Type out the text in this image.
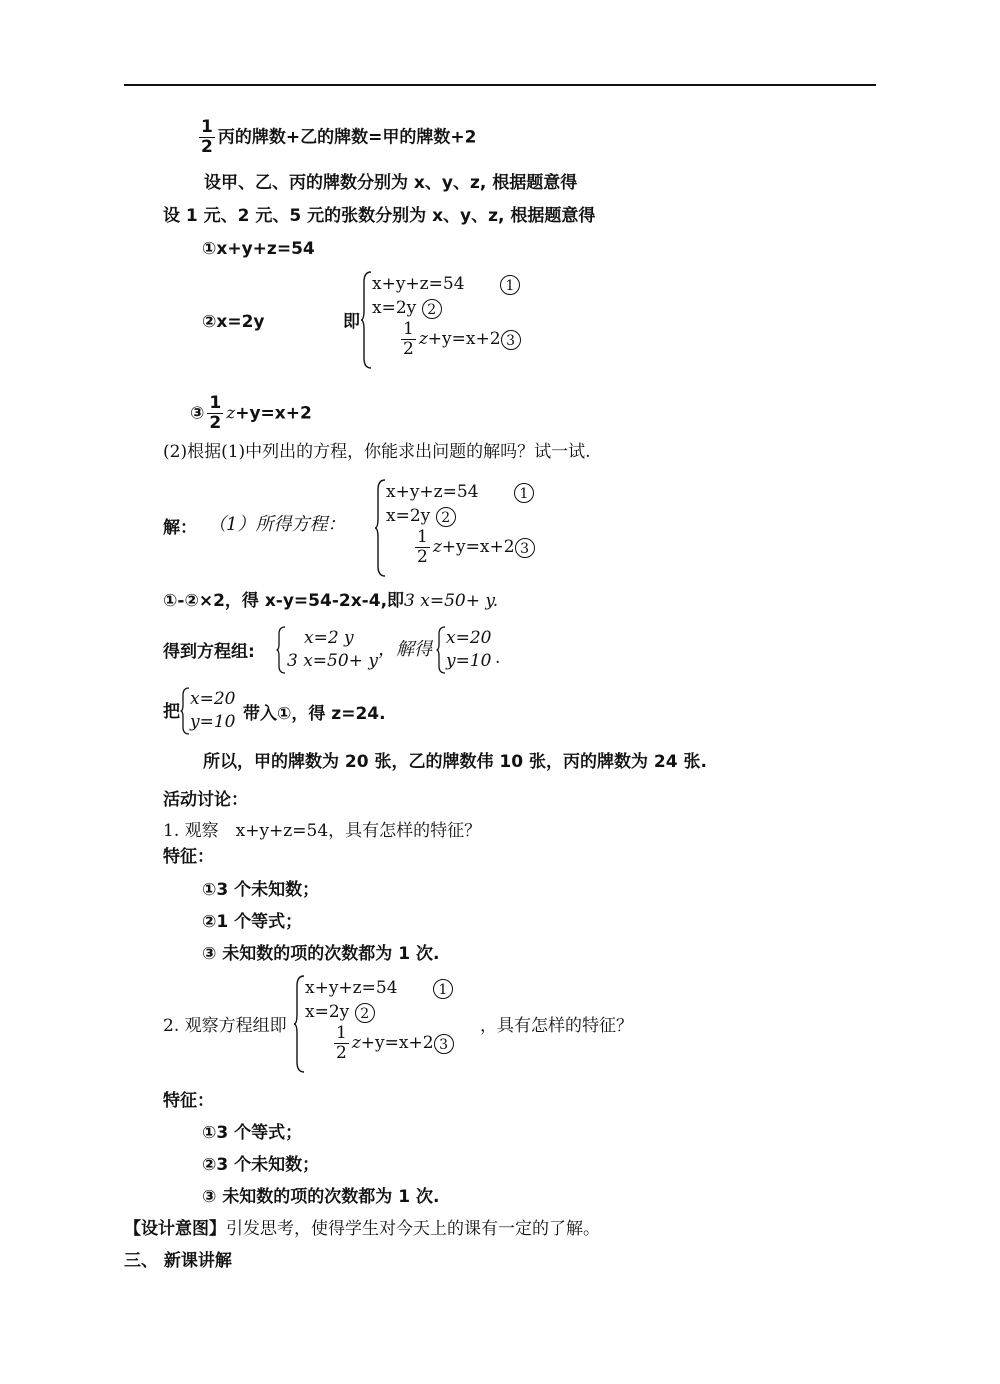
$\frac{1}{2}$ 丙的牌数+乙的牌数=甲的牌数+2
设甲、乙、丙的牌数分别为 x、y、z, 根据题意得
设 1 元、2 元、5 元的张数分别为 x、y、z, 根据题意得
①x+y+z=54
②x=2y	即
x+y+z=54	1
x=2y 2
$\frac{1}{2} z+y=x+2$ 3
③ $\frac{1}{2} z+y=x+2$
(2)根据(1)中列出的方程，你能求出问题的解吗？试一试.
解： （1）所得方程：
x+y+z=54	1
x=2y 2
$\frac{1}{2} z+y=x+2$ 3
①-②×2，得 x-y=54-2x-4,即3 x=50+ y.
得到方程组:
x=2 y
3 x=50+ y
，解得
x=20
y=10 .
把
x=20
y=10 带入①，得 z=24.
所以，甲的牌数为 20 张，乙的牌数伟 10 张，丙的牌数为 24 张.
活动讨论：
1. 观察　x+y+z=54，具有怎样的特征？
特征：
①3 个未知数；
②1 个等式；
③ 未知数的项的次数都为 1 次.
2. 观察方程组即
x+y+z=54	1
x=2y 2
$\frac{1}{2} z+y=x+2$ 3
，具有怎样的特征？
特征：
①3 个等式；
②3 个未知数；
③ 未知数的项的次数都为 1 次.
【设计意图】引发思考，使得学生对今天上的课有一定的了解。
三、 新课讲解
